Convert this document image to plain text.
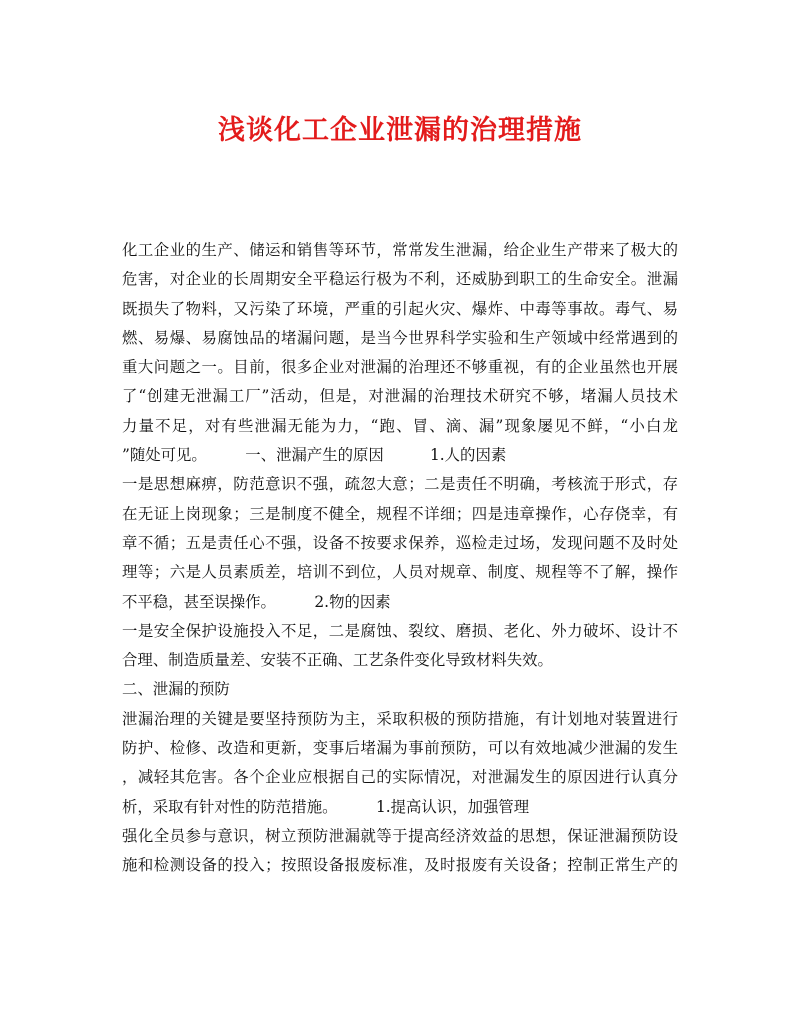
浅谈化工企业泄漏的治理措施
化工企业的生产、储运和销售等环节，常常发生泄漏，给企业生产带来了极大的
危害，对企业的长周期安全平稳运行极为不利，还威胁到职工的生命安全。泄漏
既损失了物料，又污染了环境，严重的引起火灾、爆炸、中毒等事故。毒气、易
燃、易爆、易腐蚀品的堵漏问题，是当今世界科学实验和生产领域中经常遇到的
重大问题之一。目前，很多企业对泄漏的治理还不够重视，有的企业虽然也开展
了“创建无泄漏工厂”活动，但是，对泄漏的治理技术研究不够，堵漏人员技术
力量不足，对有些泄漏无能为力，“跑、冒、滴、漏”现象屡见不鲜，“小白龙
”随处可见。　　　一、泄漏产生的原因　　　1.人的因素
一是思想麻痹，防范意识不强，疏忽大意；二是责任不明确，考核流于形式，存
在无证上岗现象；三是制度不健全，规程不详细；四是违章操作，心存侥幸，有
章不循；五是责任心不强，设备不按要求保养，巡检走过场，发现问题不及时处
理等；六是人员素质差，培训不到位，人员对规章、制度、规程等不了解，操作
不平稳，甚至误操作。　　　2.物的因素
一是安全保护设施投入不足，二是腐蚀、裂纹、磨损、老化、外力破坏、设计不
合理、制造质量差、安装不正确、工艺条件变化导致材料失效。
二、泄漏的预防
泄漏治理的关键是要坚持预防为主，采取积极的预防措施，有计划地对装置进行
防护、检修、改造和更新，变事后堵漏为事前预防，可以有效地减少泄漏的发生
，减轻其危害。各个企业应根据自己的实际情况，对泄漏发生的原因进行认真分
析，采取有针对性的防范措施。　　　1.提高认识，加强管理
强化全员参与意识，树立预防泄漏就等于提高经济效益的思想，保证泄漏预防设
施和检测设备的投入；按照设备报废标准，及时报废有关设备；控制正常生产的
